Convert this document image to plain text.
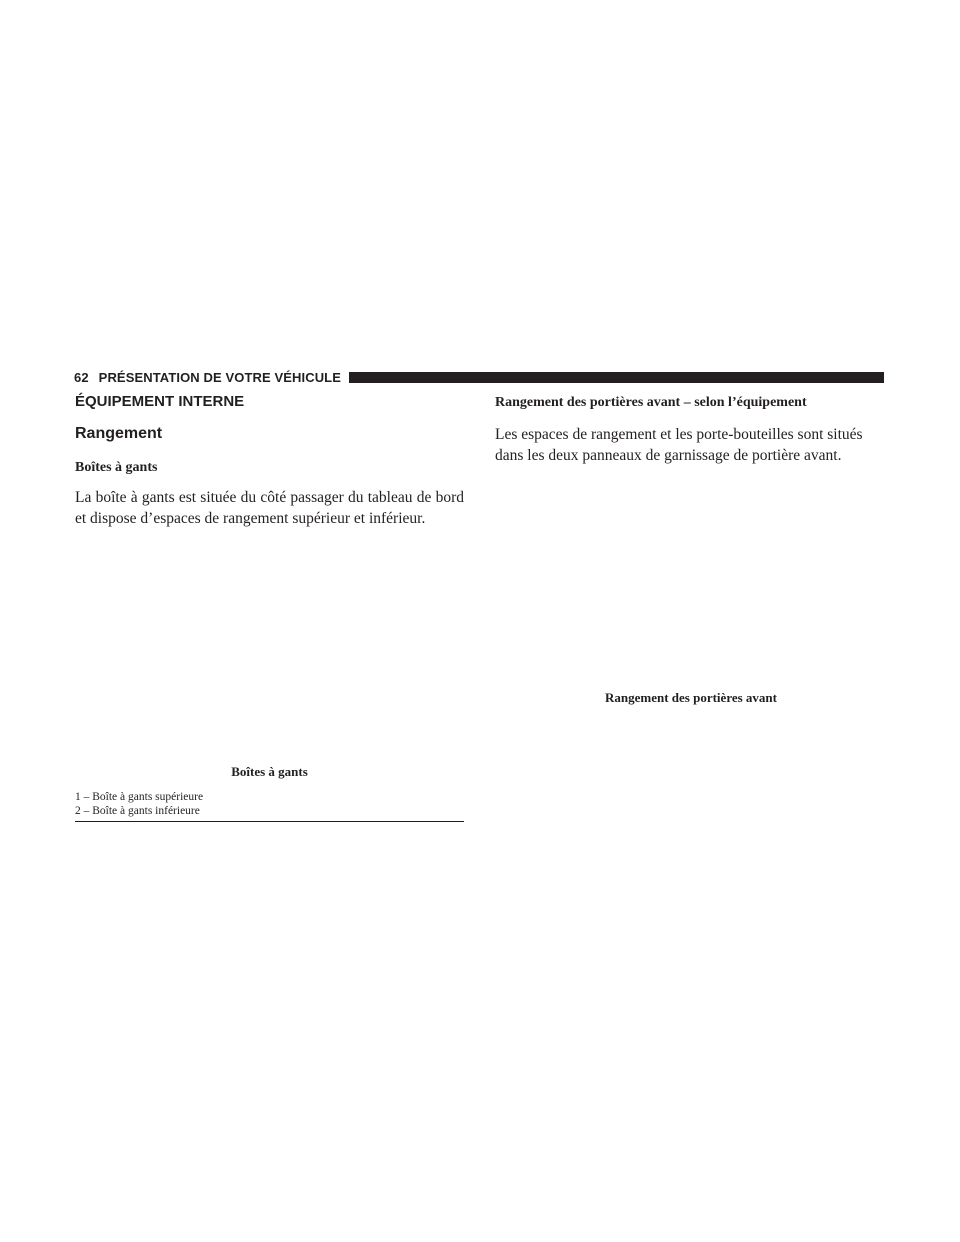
62 PRÉSENTATION DE VOTRE VÉHICULE
ÉQUIPEMENT INTERNE
Rangement
Boîtes à gants

La boîte à gants est située du côté passager du tableau de bord et dispose d’espaces de rangement supérieur et inférieur.

Boîtes à gants
1 – Boîte à gants supérieure
2 – Boîte à gants inférieure
Rangement des portières avant – selon l’équipement

Les espaces de rangement et les porte-bouteilles sont situés dans les deux panneaux de garnissage de portière avant.

Rangement des portières avant
